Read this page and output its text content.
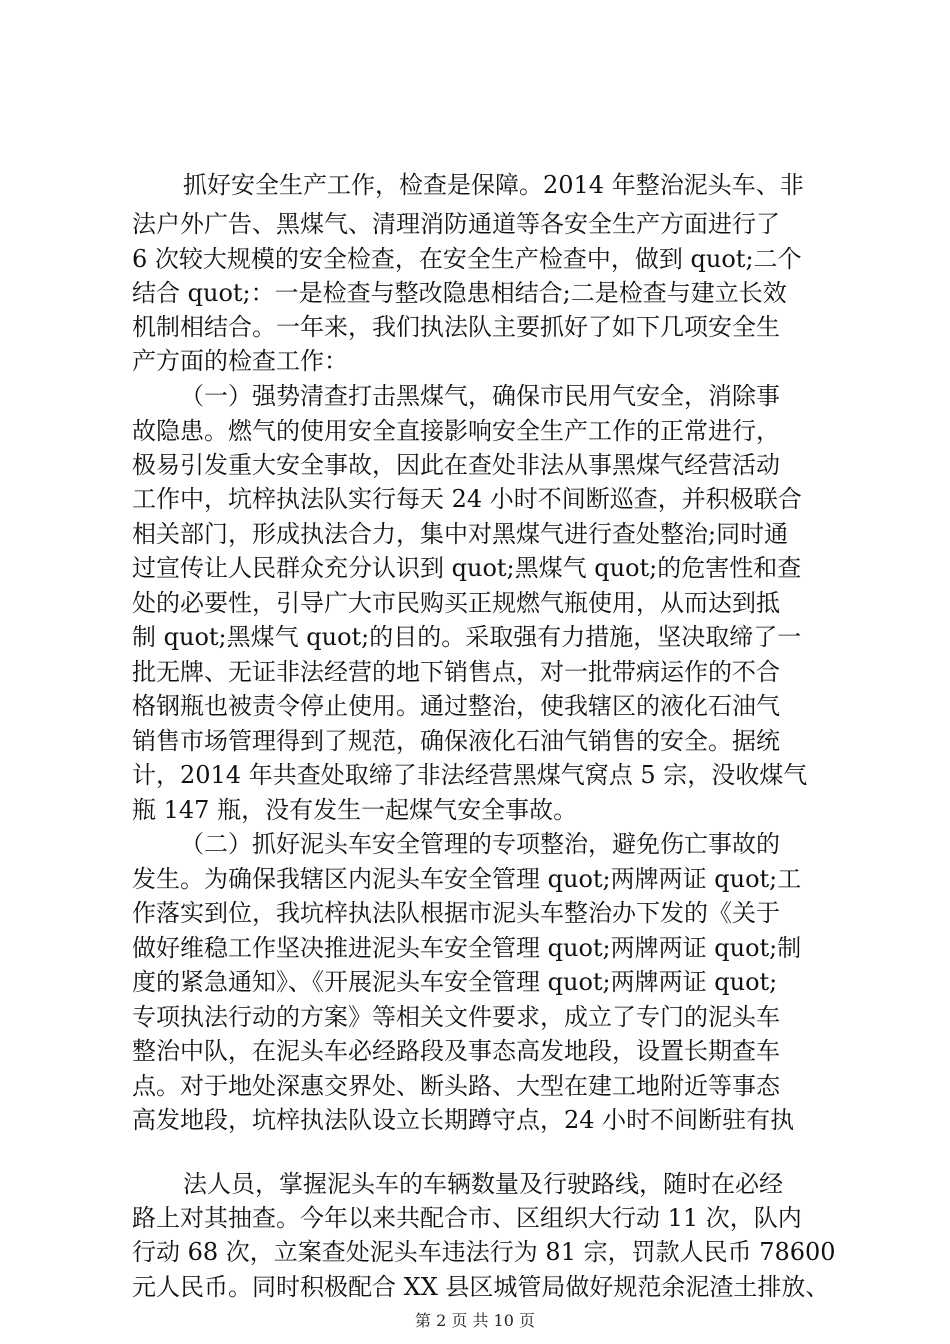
抓好安全生产工作，检查是保障。2014 年整治泥头车、非
法户外广告、黑煤气、清理消防通道等各安全生产方面进行了
6 次较大规模的安全检查，在安全生产检查中，做到 quot;二个
结合 quot;：一是检查与整改隐患相结合;二是检查与建立长效
机制相结合。一年来，我们执法队主要抓好了如下几项安全生
产方面的检查工作：
（一）强势清查打击黑煤气，确保市民用气安全，消除事
故隐患。燃气的使用安全直接影响安全生产工作的正常进行，
极易引发重大安全事故，因此在查处非法从事黑煤气经营活动
工作中，坑梓执法队实行每天 24 小时不间断巡查，并积极联合
相关部门，形成执法合力，集中对黑煤气进行查处整治;同时通
过宣传让人民群众充分认识到 quot;黑煤气 quot;的危害性和查
处的必要性，引导广大市民购买正规燃气瓶使用，从而达到抵
制 quot;黑煤气 quot;的目的。采取强有力措施，坚决取缔了一
批无牌、无证非法经营的地下销售点，对一批带病运作的不合
格钢瓶也被责令停止使用。通过整治，使我辖区的液化石油气
销售市场管理得到了规范，确保液化石油气销售的安全。据统
计，2014 年共查处取缔了非法经营黑煤气窝点 5 宗，没收煤气
瓶 147 瓶，没有发生一起煤气安全事故。
（二）抓好泥头车安全管理的专项整治，避免伤亡事故的
发生。为确保我辖区内泥头车安全管理 quot;两牌两证 quot;工
作落实到位，我坑梓执法队根据市泥头车整治办下发的《关于
做好维稳工作坚决推进泥头车安全管理 quot;两牌两证 quot;制
度的紧急通知》、《开展泥头车安全管理 quot;两牌两证 quot;
专项执法行动的方案》等相关文件要求，成立了专门的泥头车
整治中队，在泥头车必经路段及事态高发地段，设置长期查车
点。对于地处深惠交界处、断头路、大型在建工地附近等事态
高发地段，坑梓执法队设立长期蹲守点，24 小时不间断驻有执
法人员，掌握泥头车的车辆数量及行驶路线，随时在必经
路上对其抽查。今年以来共配合市、区组织大行动 11 次，队内
行动 68 次，立案查处泥头车违法行为 81 宗，罚款人民币 78600
元人民币。同时积极配合 XX 县区城管局做好规范余泥渣土排放、
第 2 页 共 10 页
